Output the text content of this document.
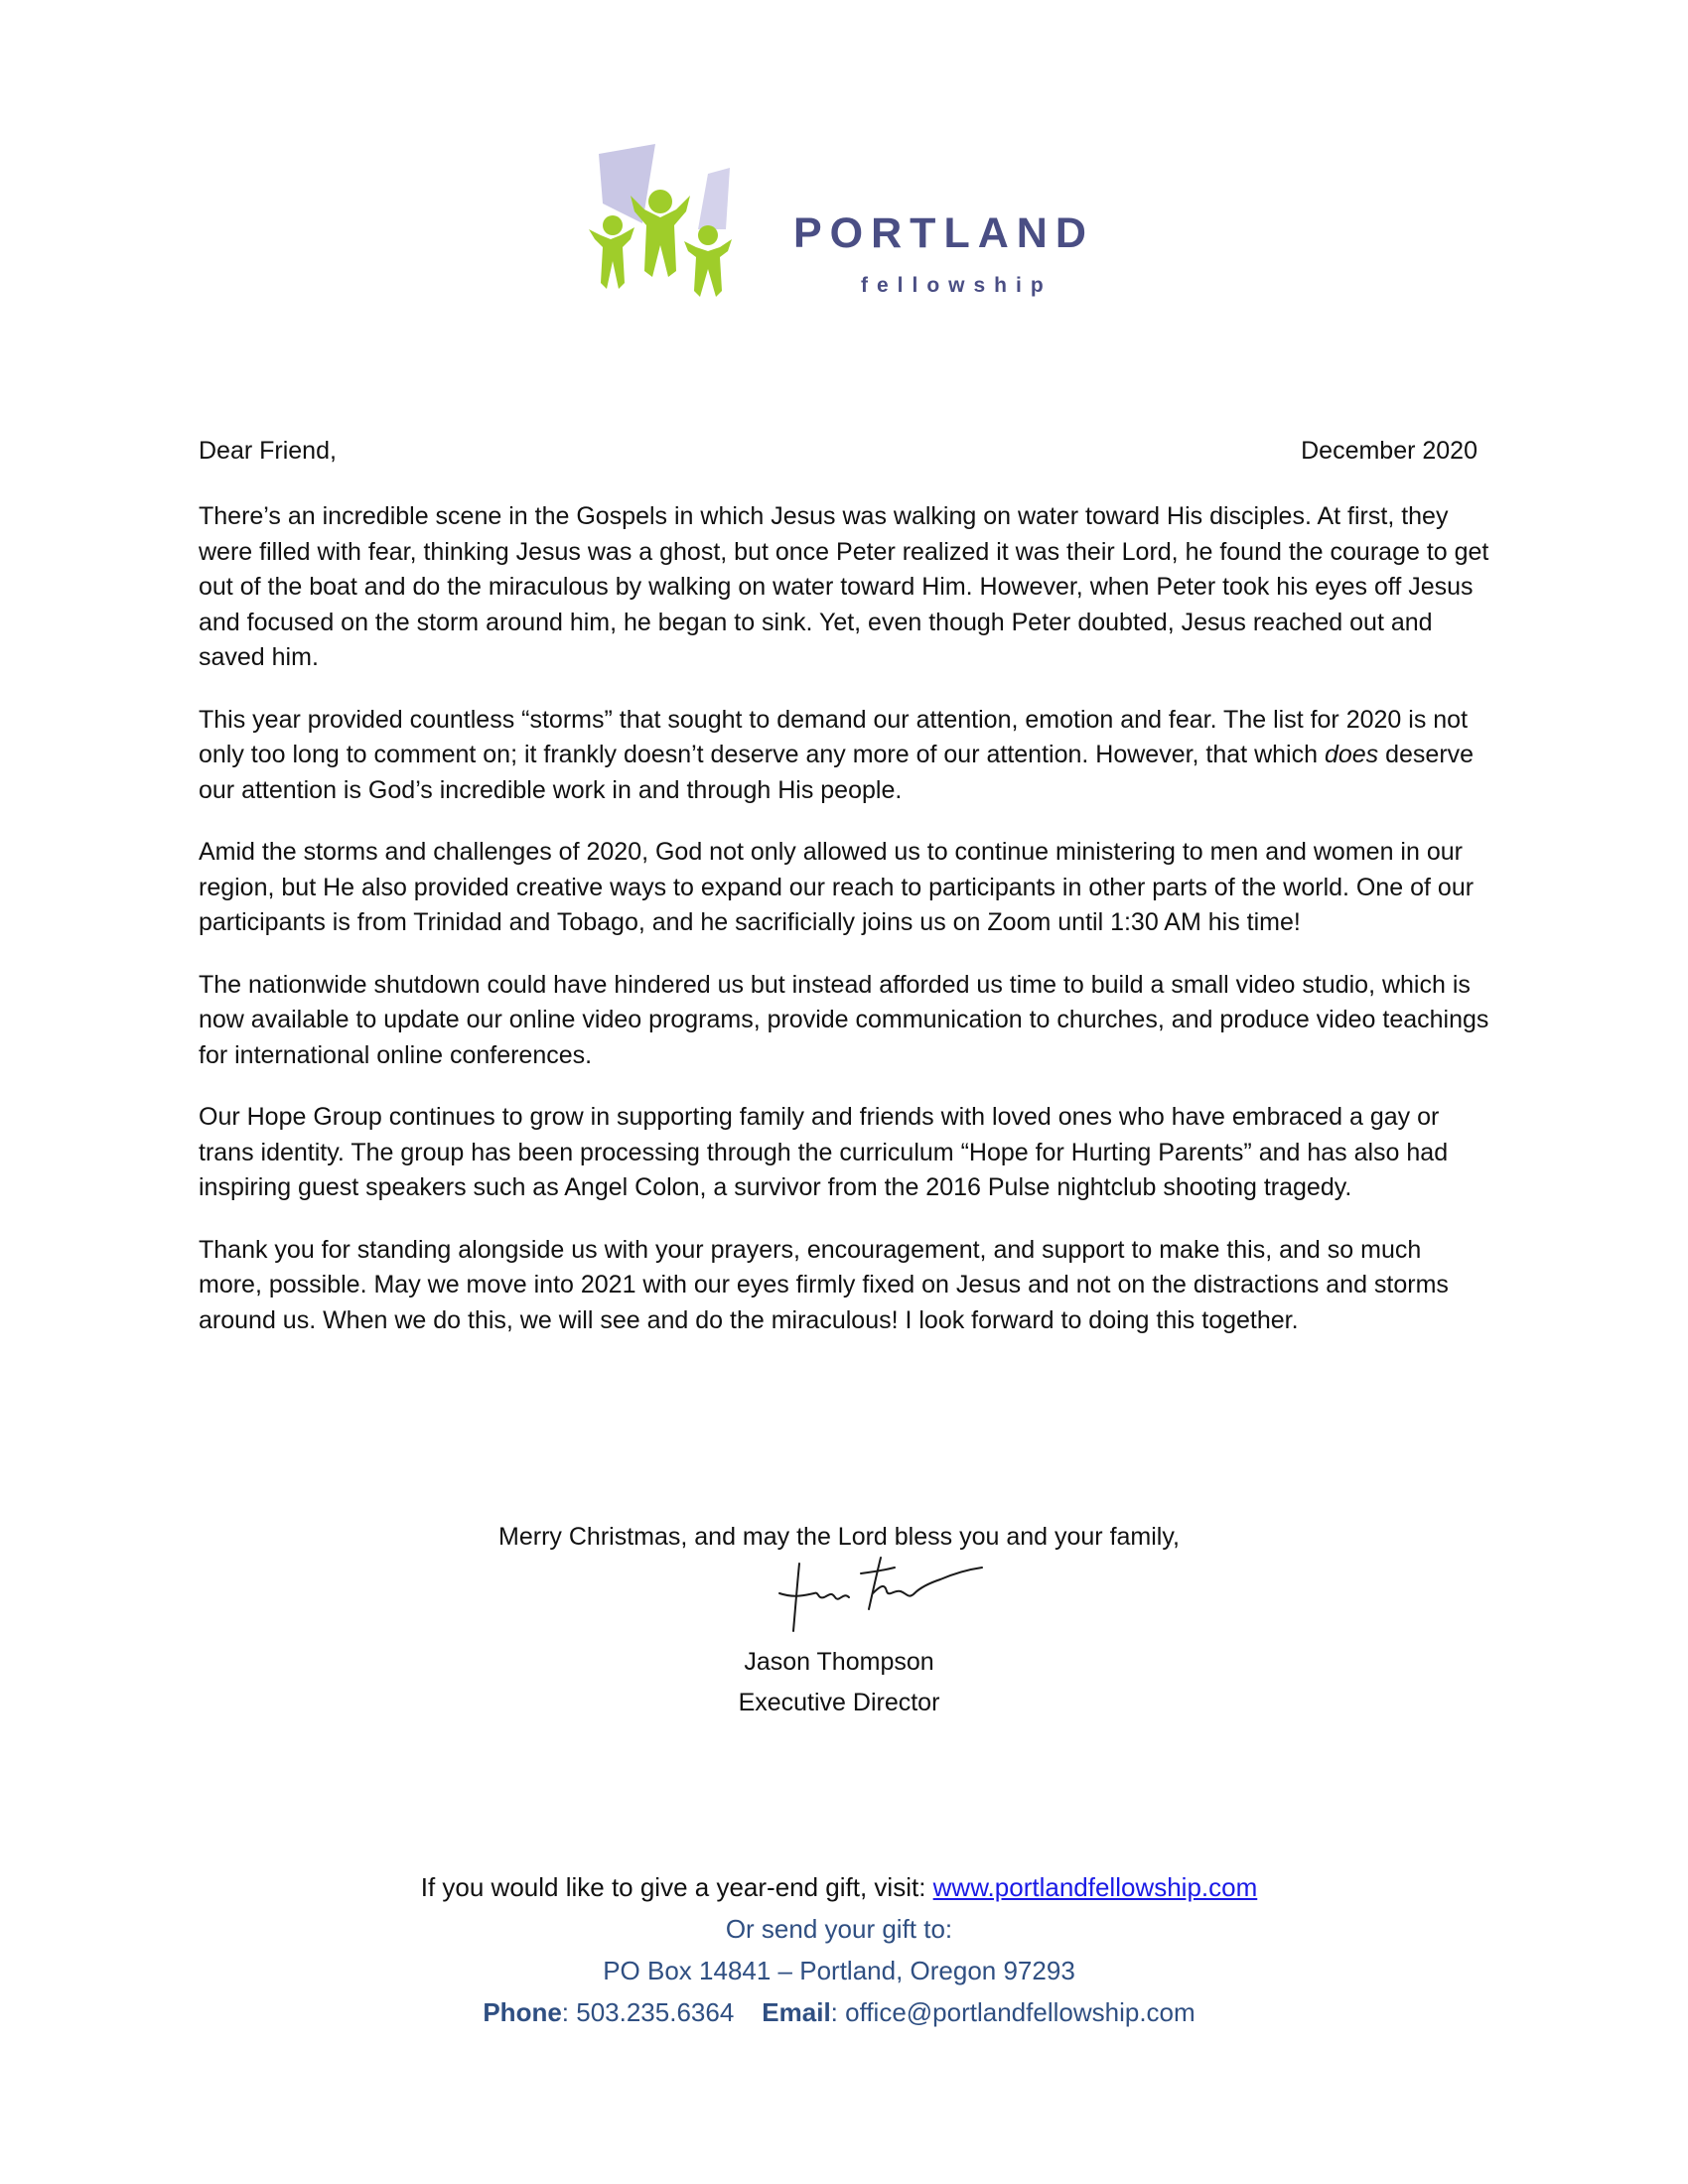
PORTLAND
fellowship
Dear Friend,	December 2020

There’s an incredible scene in the Gospels in which Jesus was walking on water toward His disciples. At first, they were filled with fear, thinking Jesus was a ghost, but once Peter realized it was their Lord, he found the courage to get out of the boat and do the miraculous by walking on water toward Him. However, when Peter took his eyes off Jesus and focused on the storm around him, he began to sink. Yet, even though Peter doubted, Jesus reached out and saved him.

This year provided countless “storms” that sought to demand our attention, emotion and fear. The list for 2020 is not only too long to comment on; it frankly doesn’t deserve any more of our attention. However, that which does deserve our attention is God’s incredible work in and through His people.

Amid the storms and challenges of 2020, God not only allowed us to continue ministering to men and women in our region, but He also provided creative ways to expand our reach to participants in other parts of the world. One of our participants is from Trinidad and Tobago, and he sacrificially joins us on Zoom until 1:30 AM his time!

The nationwide shutdown could have hindered us but instead afforded us time to build a small video studio, which is now available to update our online video programs, provide communication to churches, and produce video teachings for international online conferences.

Our Hope Group continues to grow in supporting family and friends with loved ones who have embraced a gay or trans identity. The group has been processing through the curriculum “Hope for Hurting Parents” and has also had inspiring guest speakers such as Angel Colon, a survivor from the 2016 Pulse nightclub shooting tragedy.

Thank you for standing alongside us with your prayers, encouragement, and support to make this, and so much more, possible. May we move into 2021 with our eyes firmly fixed on Jesus and not on the distractions and storms around us. When we do this, we will see and do the miraculous! I look forward to doing this together.

Merry Christmas, and may the Lord bless you and your family,
Jason Thompson
Executive Director
If you would like to give a year-end gift, visit: www.portlandfellowship.com
Or send your gift to:
PO Box 14841 – Portland, Oregon 97293
Phone: 503.235.6364 Email: office@portlandfellowship.com
